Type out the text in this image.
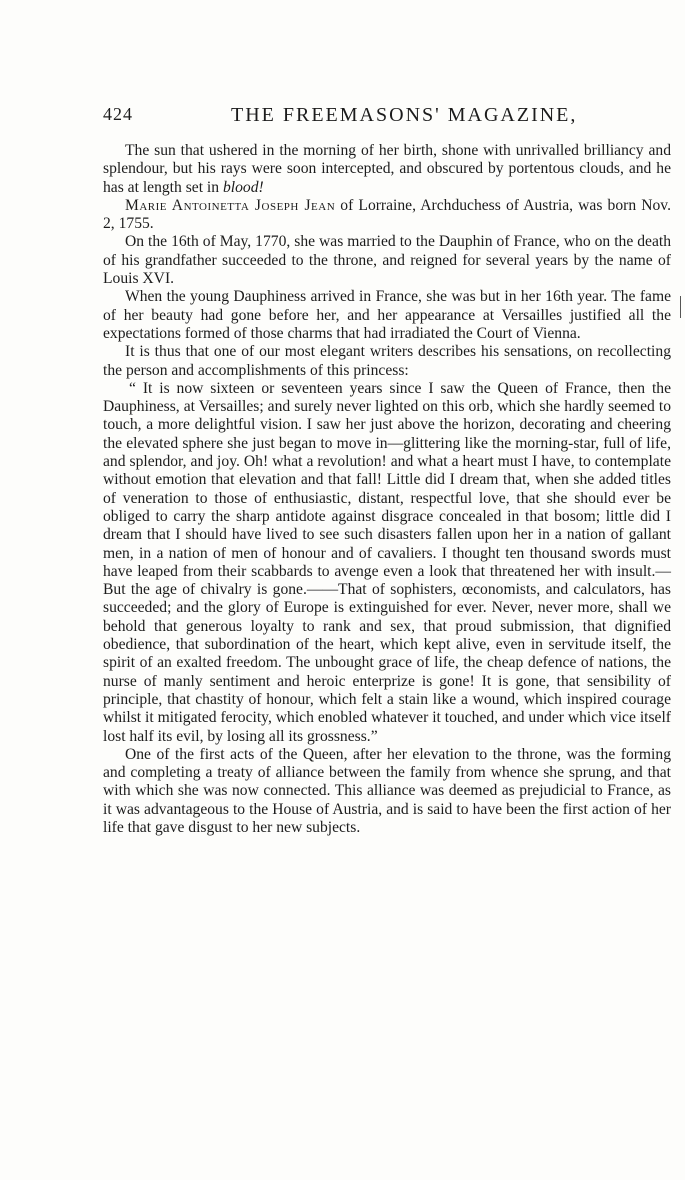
424	THE FREEMASONS' MAGAZINE,

The sun that ushered in the morning of her birth, shone with unrivalled brilliancy and splendour, but his rays were soon intercepted, and obscured by portentous clouds, and he has at length set in blood!

Marie Antoinetta Joseph Jean of Lorraine, Archduchess of Austria, was born Nov. 2, 1755.

On the 16th of May, 1770, she was married to the Dauphin of France, who on the death of his grandfather succeeded to the throne, and reigned for several years by the name of Louis XVI.

When the young Dauphiness arrived in France, she was but in her 16th year. The fame of her beauty had gone before her, and her appearance at Versailles justified all the expectations formed of those charms that had irradiated the Court of Vienna.

It is thus that one of our most elegant writers describes his sensations, on recollecting the person and accomplishments of this princess:

“ It is now sixteen or seventeen years since I saw the Queen of France, then the Dauphiness, at Versailles; and surely never lighted on this orb, which she hardly seemed to touch, a more delightful vision. I saw her just above the horizon, decorating and cheering the elevated sphere she just began to move in—glittering like the morning-star, full of life, and splendor, and joy. Oh! what a revolution! and what a heart must I have, to contemplate without emotion that elevation and that fall! Little did I dream that, when she added titles of veneration to those of enthusiastic, distant, respectful love, that she should ever be obliged to carry the sharp antidote against disgrace concealed in that bosom; little did I dream that I should have lived to see such disasters fallen upon her in a nation of gallant men, in a nation of men of honour and of cavaliers. I thought ten thousand swords must have leaped from their scabbards to avenge even a look that threatened her with insult.—But the age of chivalry is gone.——That of sophisters, œconomists, and calculators, has succeeded; and the glory of Europe is extinguished for ever. Never, never more, shall we behold that generous loyalty to rank and sex, that proud submission, that dignified obedience, that subordination of the heart, which kept alive, even in servitude itself, the spirit of an exalted freedom. The unbought grace of life, the cheap defence of nations, the nurse of manly sentiment and heroic enterprize is gone! It is gone, that sensibility of principle, that chastity of honour, which felt a stain like a wound, which inspired courage whilst it mitigated ferocity, which enobled whatever it touched, and under which vice itself lost half its evil, by losing all its grossness.”

One of the first acts of the Queen, after her elevation to the throne, was the forming and completing a treaty of alliance between the family from whence she sprung, and that with which she was now connected. This alliance was deemed as prejudicial to France, as it was advantageous to the House of Austria, and is said to have been the first action of her life that gave disgust to her new subjects.
